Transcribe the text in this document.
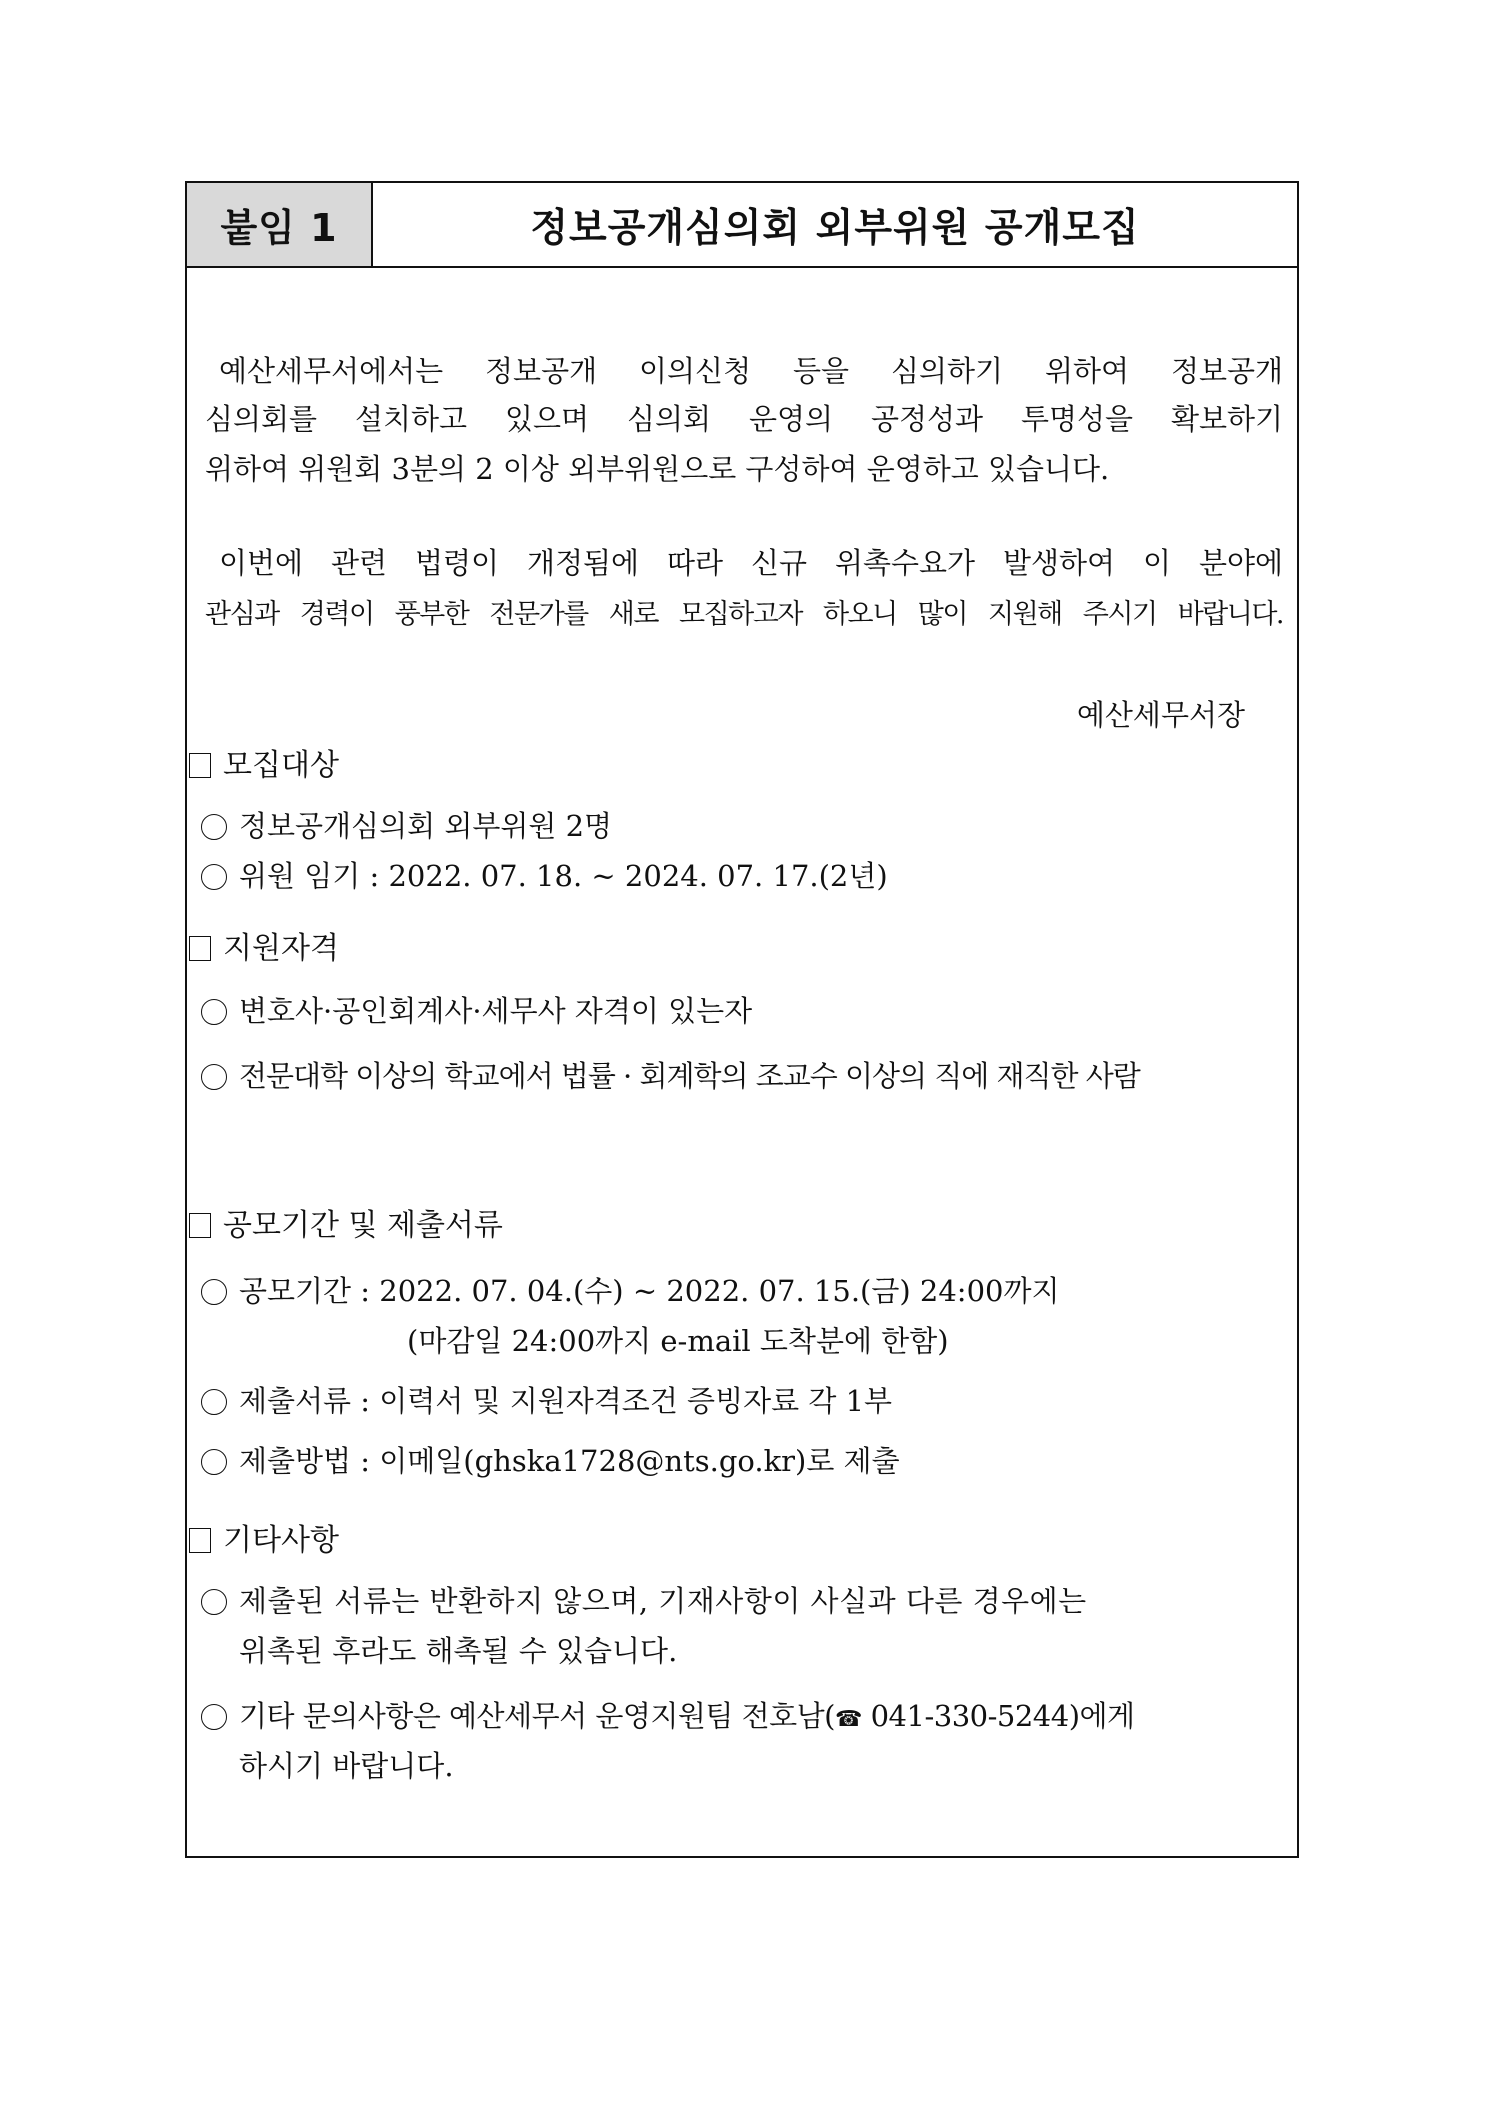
붙임 1	정보공개심의회 외부위원 공개모집
예산세무서에서는 정보공개 이의신청 등을 심의하기 위하여 정보공개
심의회를 설치하고 있으며 심의회 운영의 공정성과 투명성을 확보하기
위하여 위원회 3분의 2 이상 외부위원으로 구성하여 운영하고 있습니다.
이번에 관련 법령이 개정됨에 따라 신규 위촉수요가 발생하여 이 분야에
관심과 경력이 풍부한 전문가를 새로 모집하고자 하오니 많이 지원해 주시기 바랍니다.
예산세무서장
모집대상
정보공개심의회 외부위원 2명
위원 임기 : 2022. 07. 18. ~ 2024. 07. 17.(2년)
지원자격
변호사·공인회계사·세무사 자격이 있는자
전문대학 이상의 학교에서 법률 · 회계학의 조교수 이상의 직에 재직한 사람
공모기간 및 제출서류
공모기간 : 2022. 07. 04.(수) ~ 2022. 07. 15.(금) 24:00까지
(마감일 24:00까지 e-mail 도착분에 한함)
제출서류 : 이력서 및 지원자격조건 증빙자료 각 1부
제출방법 : 이메일(ghska1728@nts.go.kr)로 제출
기타사항
제출된 서류는 반환하지 않으며, 기재사항이 사실과 다른 경우에는
위촉된 후라도 해촉될 수 있습니다.
기타 문의사항은 예산세무서 운영지원팀 전호남(☎ 041-330-5244)에게
하시기 바랍니다.
